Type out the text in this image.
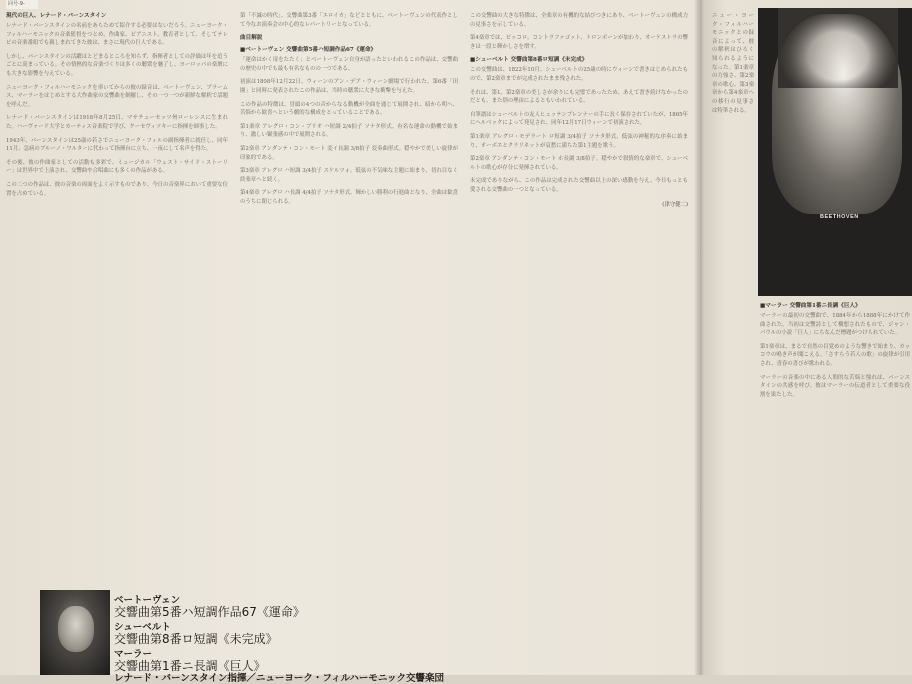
回号-9-
現代の巨人、レナード・バーンスタイン

レナード・バーンスタインの名前をあらためて紹介する必要はないだろう。ニューヨーク・フィルハーモニックの音楽監督をつとめ、作曲家、ピアニスト、教育者として、そしてテレビの音楽番組でも親しまれてきた彼は、まさに現代の巨人である。

しかし、バーンスタインの活躍はとどまるところを知らず、指揮者としての評価は年を追うごとに高まっている。その情熱的な音楽づくりは多くの聴衆を魅了し、ヨーロッパの楽壇にも大きな影響を与えている。

ニューヨーク・フィルハーモニックを率いてからの彼の録音は、ベートーヴェン、ブラームス、マーラーをはじめとする大作曲家の交響曲を網羅し、その一つ一つが新鮮な解釈で話題を呼んだ。

レナード・バーンスタインは1918年8月25日、マサチューセッツ州ローレンスに生まれた。ハーヴァード大学とカーティス音楽院で学び、クーセヴィツキーに指揮を師事した。

1943年、バーンスタインは25歳の若さでニューヨーク・フィルの副指揮者に就任し、同年11月、急病のブルーノ・ワルターに代わって指揮台に立ち、一夜にして名声を得た。

その後、彼の作曲家としての活動も多彩で、ミュージカル「ウェスト・サイド・ストーリー」は世界中で上演され、交響曲や合唱曲にも多くの作品がある。

この二つの作品は、彼の音楽の両面をよく示すものであり、今日の音楽界において重要な位置を占めている。

第「不滅の時代」、交響曲第3番「エロイカ」などとともに、ベートーヴェンの代表作として今なお演奏会の中心的なレパートリーとなっている。

曲目解説
■ベートーヴェン 交響曲第5番ハ短調作品67《運命》

「運命はかく扉をたたく」とベートーヴェン自身が語ったといわれるこの作品は、交響曲の歴史の中でも最も有名なものの一つである。

初演は1808年12月22日、ウィーンのアン・デア・ウィーン劇場で行われた。第6番「田園」と同時に発表されたこの作品は、当時の聴衆に大きな衝撃を与えた。

この作品の特徴は、冒頭の4つの音からなる動機が全曲を通じて展開され、暗から明へ、苦悩から歓喜へという劇的な構成をとっていることである。

第1楽章 アレグロ・コン・ブリオ ハ短調 2/4拍子 ソナタ形式。有名な運命の動機で始まり、激しい緊張感の中で展開される。

第2楽章 アンダンテ・コン・モート 変イ長調 3/8拍子 変奏曲形式。穏やかで美しい旋律が印象的である。

第3楽章 アレグロ ハ短調 3/4拍子 スケルツォ。低弦の不気味な主題に始まり、切れ目なく終楽章へと続く。

第4楽章 アレグロ ハ長調 4/4拍子 ソナタ形式。輝かしい勝利の行進曲となり、全曲は歓喜のうちに閉じられる。

この交響曲の大きな特徴は、全楽章の有機的な結びつきにあり、ベートーヴェンの構成力の見事さを示している。

第4楽章では、ピッコロ、コントラファゴット、トロンボーンが加わり、オーケストラの響きは一段と輝かしさを増す。

■シューベルト 交響曲第8番ロ短調《未完成》

この交響曲は、1822年10月、シューベルトの25歳の時にウィーンで書きはじめられたもので、第2楽章までが完成されたまま残された。

それは、第1、第2楽章の美しさが余りにも完璧であったため、あえて書き続けなかったのだとも、また別の理由によるともいわれている。

自筆譜はシューベルトの友人ヒュッテンブレンナーの手に長く保存されていたが、1865年にヘルベックによって発見され、同年12月17日ウィーンで初演された。

第1楽章 アレグロ・モデラート ロ短調 3/4拍子 ソナタ形式。低弦の神秘的な序奏に始まり、オーボエとクラリネットが哀愁に満ちた第1主題を歌う。

第2楽章 アンダンテ・コン・モート ホ長調 3/8拍子。穏やかで叙情的な楽章で、シューベルトの歌心が存分に発揮されている。

未完成でありながら、この作品は完成された交響曲以上の深い感動を与え、今日もっとも愛される交響曲の一つとなっている。

(津守健二)
BEETHOVEN

ニュー・ヨーク・フィルハーモニックとの録音によって、彼の解釈はひろく知られるようになった。第1楽章の力強さ、第2楽章の歌心、第3楽章から第4楽章への移行の見事さは特筆される。

■マーラー 交響曲第1番ニ長調《巨人》

マーラーの最初の交響曲で、1884年から1888年にかけて作曲された。当初は交響詩として構想されたもので、ジャン・パウルの小説「巨人」にちなんだ標題がつけられていた。

第1楽章は、まるで自然の目覚めのような響きで始まり、カッコウの鳴き声が聞こえる。「さすらう若人の歌」の旋律が引用され、青春の喜びが歌われる。

マーラーの音楽の中にある人間的な苦悩と憧れは、バーンスタインの共感を呼び、彼はマーラーの伝道者として重要な役割を果たした。

ベートーヴェン
交響曲第5番ハ短調作品67《運命》
シューベルト
交響曲第8番ロ短調《未完成》
マーラー
交響曲第1番ニ長調《巨人》
レナード・バーンスタイン指揮／ニューヨーク・フィルハーモニック交響楽団
